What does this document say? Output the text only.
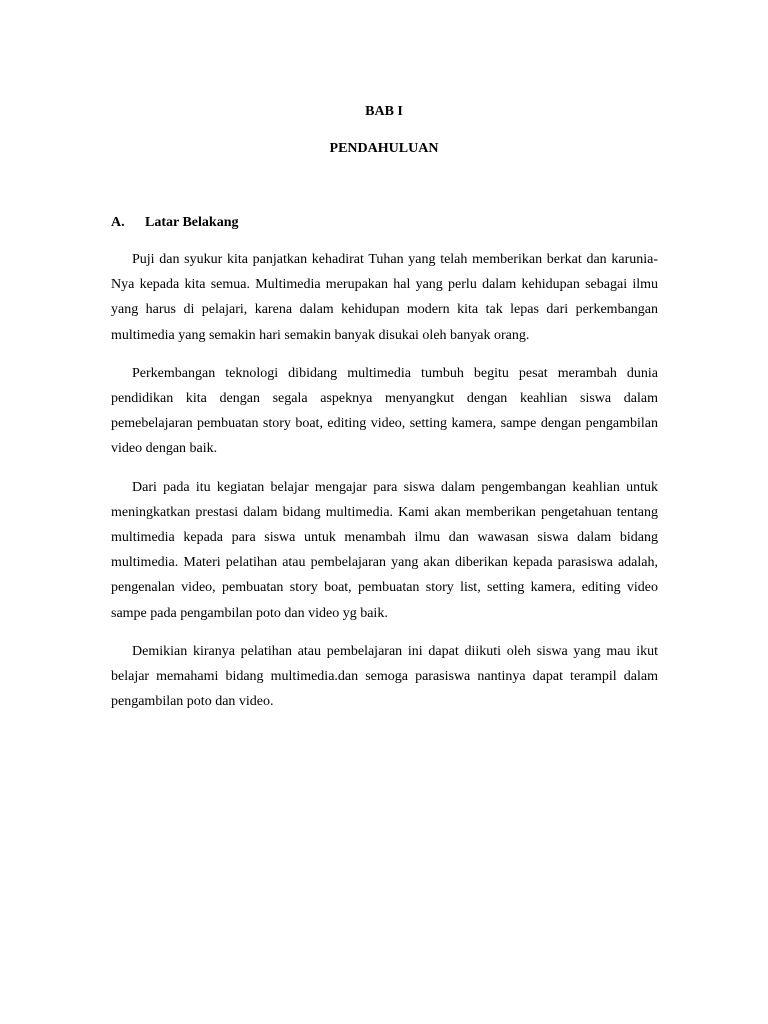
BAB I
PENDAHULUAN
A. Latar Belakang

Puji dan syukur kita panjatkan kehadirat Tuhan yang telah memberikan berkat dan karunia-Nya kepada kita semua. Multimedia merupakan hal yang perlu dalam kehidupan sebagai ilmu yang harus di pelajari, karena dalam kehidupan modern kita tak lepas dari perkembangan multimedia yang semakin hari semakin banyak disukai oleh banyak orang.

Perkembangan teknologi dibidang multimedia tumbuh begitu pesat merambah dunia pendidikan kita dengan segala aspeknya menyangkut dengan keahlian siswa dalam pemebelajaran pembuatan story boat, editing video, setting kamera, sampe dengan pengambilan video dengan baik.

Dari pada itu kegiatan belajar mengajar para siswa dalam pengembangan keahlian untuk meningkatkan prestasi dalam bidang multimedia. Kami akan memberikan pengetahuan tentang multimedia kepada para siswa untuk menambah ilmu dan wawasan siswa dalam bidang multimedia. Materi pelatihan atau pembelajaran yang akan diberikan kepada parasiswa adalah, pengenalan video, pembuatan story boat, pembuatan story list, setting kamera, editing video sampe pada pengambilan poto dan video yg baik.

Demikian kiranya pelatihan atau pembelajaran ini dapat diikuti oleh siswa yang mau ikut belajar memahami bidang multimedia.dan semoga parasiswa nantinya dapat terampil dalam pengambilan poto dan video.
